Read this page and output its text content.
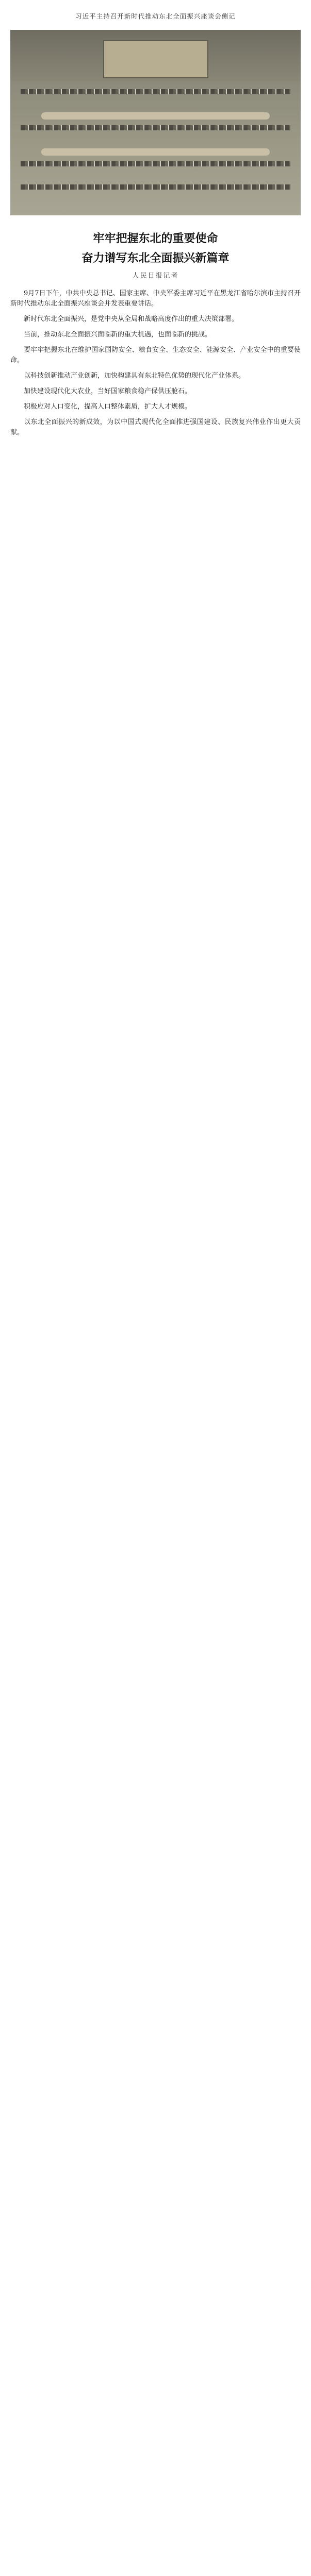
习近平主持召开新时代推动东北全面振兴座谈会侧记
牢牢把握东北的重要使命
奋力谱写东北全面振兴新篇章
人民日报记者

9月7日下午，中共中央总书记、国家主席、中央军委主席习近平在黑龙江省哈尔滨市主持召开新时代推动东北全面振兴座谈会并发表重要讲话。

新时代东北全面振兴，是党中央从全局和战略高度作出的重大决策部署。

当前，推动东北全面振兴面临新的重大机遇，也面临新的挑战。

要牢牢把握东北在维护国家国防安全、粮食安全、生态安全、能源安全、产业安全中的重要使命。

以科技创新推动产业创新，加快构建具有东北特色优势的现代化产业体系。

加快建设现代化大农业，当好国家粮食稳产保供压舱石。

积极应对人口变化，提高人口整体素质，扩大人才规模。

以东北全面振兴的新成效，为以中国式现代化全面推进强国建设、民族复兴伟业作出更大贡献。
